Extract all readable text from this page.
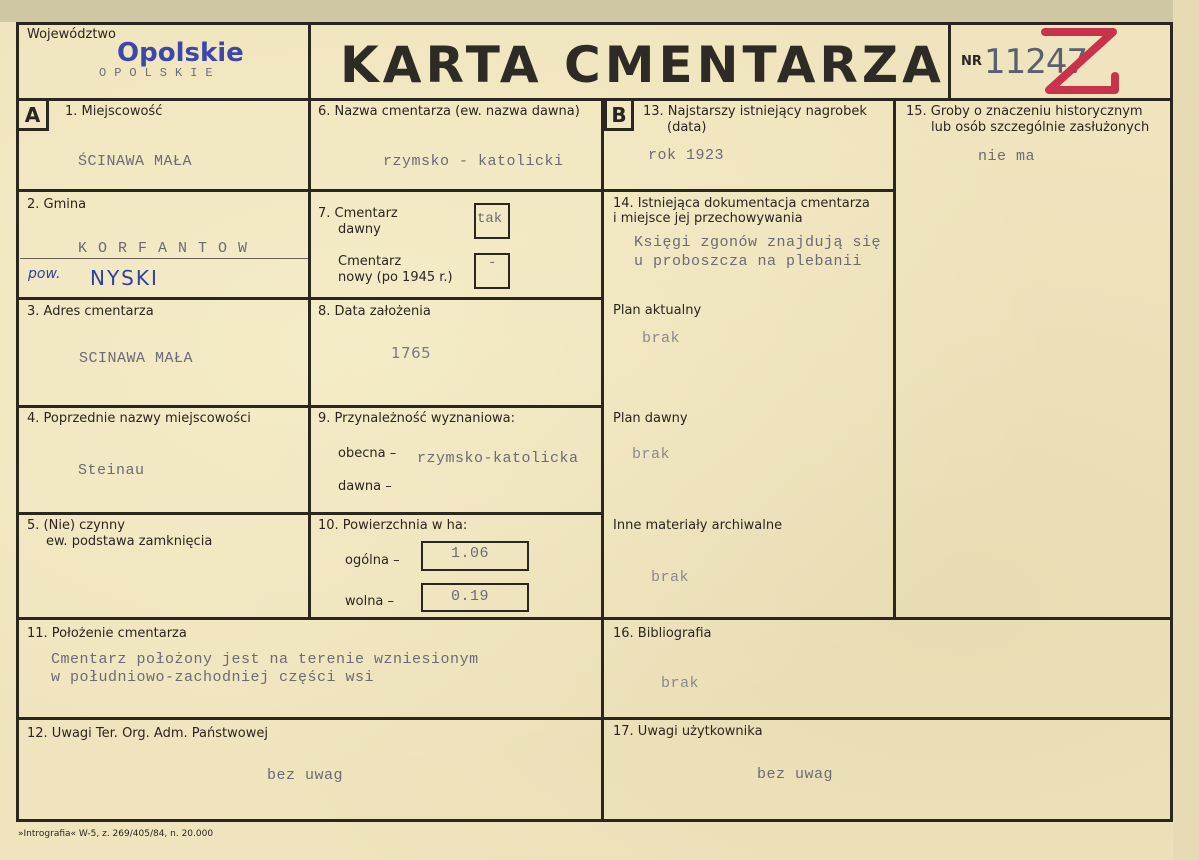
Województwo
Opolskie
OPOLSKIE KARTA CMENTARZA NR 11247
A	1. Miejscowość
ŚCINAWA MAŁA
2. Gmina
KORFANTOW
pow. NYSKI
3. Adres cmentarza
SCINAWA MAŁA
4. Poprzednie nazwy miejscowości
Steinau
5. (Nie) czynny
ew. podstawa zamknięcia
6. Nazwa cmentarza (ew. nazwa dawna)
rzymsko - katolicki
7. Cmentarz
dawny
tak
Cmentarz
nowy (po 1945 r.)
-
8. Data założenia
1765
9. Przynależność wyznaniowa:
obecna – rzymsko-katolicka
dawna –
10. Powierzchnia w ha:
ogólna –	1.06
wolna –	0.19
11. Położenie cmentarza
Cmentarz położony jest na terenie wzniesionym
w południowo-zachodniej części wsi
12. Uwagi Ter. Org. Adm. Państwowej
bez uwag
B	13. Najstarszy istniejący nagrobek
(data)
rok 1923
14. Istniejąca dokumentacja cmentarza
i miejsce jej przechowywania
Księgi zgonów znajdują się
u proboszcza na plebanii
Plan aktualny
brak
Plan dawny
brak
Inne materiały archiwalne
brak
15. Groby o znaczeniu historycznym
lub osób szczególnie zasłużonych
nie ma
16. Bibliografia
brak
17. Uwagi użytkownika
bez uwag
»Intrografia« W-5, z. 269/405/84, n. 20.000
